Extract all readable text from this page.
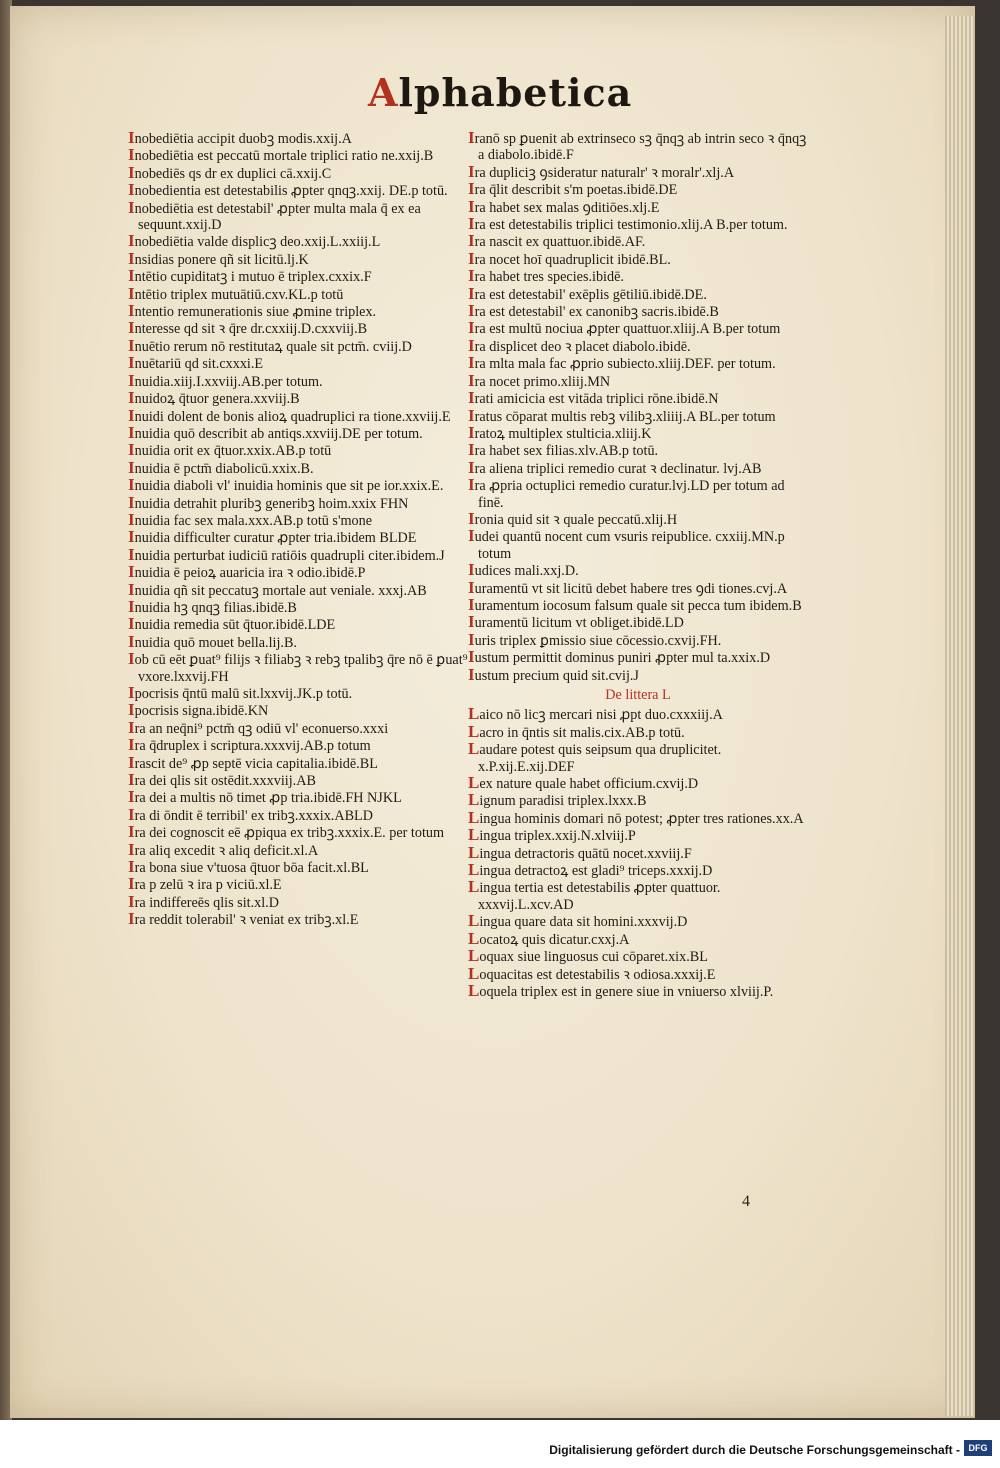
Alphabetica

Inobediētia accipit duobꝫ modis.xxij.A

Inobediētia est peccatū mortale triplici ratio ne.xxij.B

Inobediēs qs dr ex duplici cā.xxij.C

Inobedientia est detestabilis ꝓpter qnqꝫ.xxij. DE.p totū.

Inobediētia est detestabil' ꝓpter multa mala q̄ ex ea sequunt.xxij.D

Inobediētia valde displicꝫ deo.xxij.L.xxiij.L

Insidias ponere qñ sit licitū.lj.K

Intētio cupiditatꝫ i mutuo ē triplex.cxxix.F

Intētio triplex mutuātiū.cxv.KL.p totū

Intentio remunerationis siue ꝓmine triplex.

Interesse qd sit ꝛ q̄re dr.cxxiij.D.cxxviij.B

Inuētio rerum nō restitutaꝝ quale sit pctm̄. cviij.D

Inuētariū qd sit.cxxxi.E

Inuidia.xiij.I.xxviij.AB.per totum.

Inuidoꝝ q̄tuor genera.xxviij.B

Inuidi dolent de bonis alioꝝ quadruplici ra tione.xxviij.E

Inuidia quō describit ab antiqs.xxviij.DE per totum.

Inuidia orit ex q̄tuor.xxix.AB.p totū

Inuidia ē pctm̄ diabolicū.xxix.B.

Inuidia diaboli vl' inuidia hominis que sit pe ior.xxix.E.

Inuidia detrahit pluribꝫ generibꝫ hoim.xxix FHN

Inuidia fac sex mala.xxx.AB.p totū s'mone

Inuidia difficulter curatur ꝓpter tria.ibidem BLDE

Inuidia perturbat iudiciū ratiōis quadrupli citer.ibidem.J

Inuidia ē peioꝝ auaricia ira ꝛ odio.ibidē.P

Inuidia qñ sit peccatuꝫ mortale aut veniale. xxxj.AB

Inuidia hꝫ qnqꝫ filias.ibidē.B

Inuidia remedia sūt q̄tuor.ibidē.LDE

Inuidia quō mouet bella.lij.B.

Iob cū eēt ꝑuat⁹ filijs ꝛ filiabꝫ ꝛ rebꝫ tpalibꝫ q̄re nō ē ꝑuat⁹ vxore.lxxvij.FH

Ipocrisis q̄ntū malū sit.lxxvij.JK.p totū.

Ipocrisis signa.ibidē.KN

Ira an neq̄ni⁹ pctm̄ qꝫ odiū vl' econuerso.xxxi

Ira q̄druplex i scriptura.xxxvij.AB.p totum

Irascit de⁹ ꝓp septē vicia capitalia.ibidē.BL

Ira dei qlis sit ostēdit.xxxviij.AB

Ira dei a multis nō timet ꝓp tria.ibidē.FH NJKL

Ira di ōndit ē terribil' ex tribꝫ.xxxix.ABLD

Ira dei cognoscit eē ꝓpiqua ex tribꝫ.xxxix.E. per totum

Ira aliq excedit ꝛ aliq deficit.xl.A

Ira bona siue v'tuosa q̄tuor bōa facit.xl.BL

Ira p zelū ꝛ ira p viciū.xl.E

Ira indiffereēs qlis sit.xl.D

Ira reddit tolerabil' ꝛ veniat ex tribꝫ.xl.E

Iranō sp ꝑuenit ab extrinseco sꝫ q̄nqꝫ ab intrin seco ꝛ q̄nqꝫ a diabolo.ibidē.F

Ira dupliciꝫ ꝯsideratur naturalr' ꝛ moralr'.xlj.A

Ira q̄lit describit s'm poetas.ibidē.DE

Ira habet sex malas ꝯditiōes.xlj.E

Ira est detestabilis triplici testimonio.xlij.A B.per totum.

Ira nascit ex quattuor.ibidē.AF.

Ira nocet hoī quadruplicit ibidē.BL.

Ira habet tres species.ibidē.

Ira est detestabil' exēplis gētiliū.ibidē.DE.

Ira est detestabil' ex canonibꝫ sacris.ibidē.B

Ira est multū nociua ꝓpter quattuor.xliij.A B.per totum

Ira displicet deo ꝛ placet diabolo.ibidē.

Ira mlta mala fac ꝓprio subiecto.xliij.DEF. per totum.

Ira nocet primo.xliij.MN

Irati amicicia est vitāda triplici rōne.ibidē.N

Iratus cōparat multis rebꝫ vilibꝫ.xliiij.A BL.per totum

Iratoꝝ multiplex stulticia.xliij.K

Ira habet sex filias.xlv.AB.p totū.

Ira aliena triplici remedio curat ꝛ declinatur. lvj.AB

Ira ꝓpria octuplici remedio curatur.lvj.LD per totum ad finē.

Ironia quid sit ꝛ quale peccatū.xlij.H

Iudei quantū nocent cum vsuris reipublice. cxxiij.MN.p totum

Iudices mali.xxj.D.

Iuramentū vt sit licitū debet habere tres ꝯdi tiones.cvj.A

Iuramentum iocosum falsum quale sit pecca tum ibidem.B

Iuramentū licitum vt obliget.ibidē.LD

Iuris triplex ꝑmissio siue cōcessio.cxvij.FH.

Iustum permittit dominus puniri ꝓpter mul ta.xxix.D

Iustum precium quid sit.cvij.J

De littera L

Laico nō licꝫ mercari nisi ꝓpt duo.cxxxiij.A

Lacro in q̄ntis sit malis.cix.AB.p totū.

Laudare potest quis seipsum qua druplicitet. x.P.xij.E.xij.DEF

Lex nature quale habet officium.cxvij.D

Lignum paradisi triplex.lxxx.B

Lingua hominis domari nō potest; ꝓpter tres rationes.xx.A

Lingua triplex.xxij.N.xlviij.P

Lingua detractoris quātū nocet.xxviij.F

Lingua detractoꝝ est gladi⁹ triceps.xxxij.D

Lingua tertia est detestabilis ꝓpter quattuor. xxxvij.L.xcv.AD

Lingua quare data sit homini.xxxvij.D

Locatoꝝ quis dicatur.cxxj.A

Loquax siue linguosus cui cōparet.xix.BL

Loquacitas est detestabilis ꝛ odiosa.xxxij.E

Loquela triplex est in genere siue in vniuerso xlviij.P.

4
Digitalisierung gefördert durch die Deutsche Forschungsgemeinschaft - DFG
